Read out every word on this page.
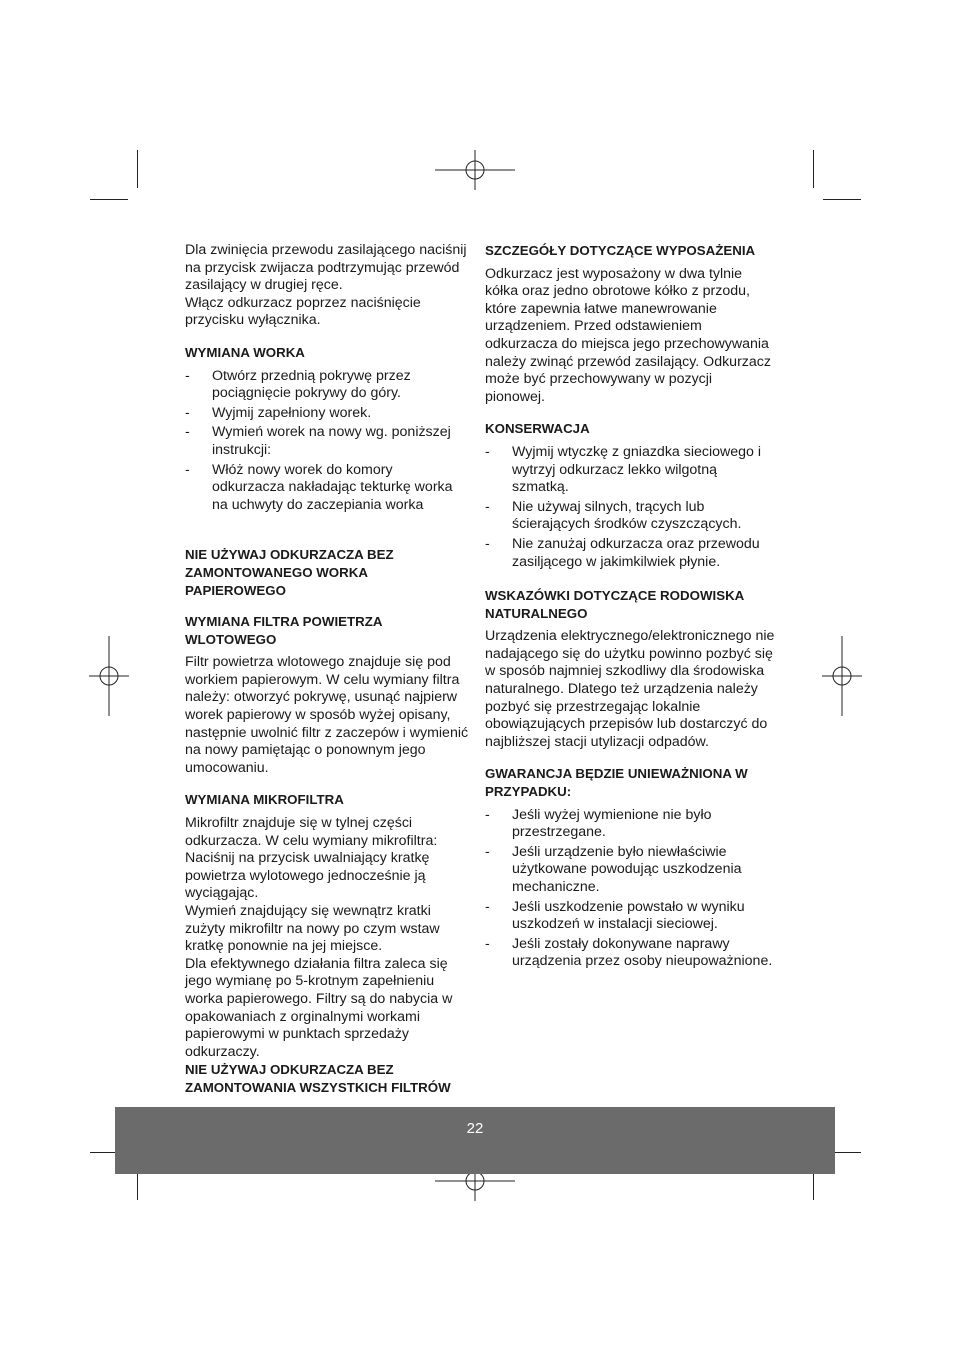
Dla zwinięcia przewodu zasilającego naciśnij na przycisk zwijacza podtrzymując przewód zasilający w drugiej ręce.

Włącz odkurzacz poprzez naciśnięcie przycisku wyłącznika.

WYMIANA WORKA

- Otwórz przednią pokrywę przez pociągnięcie pokrywy do góry.
- Wyjmij zapełniony worek.
- Wymień worek na nowy wg. poniższej instrukcji:
- Włóż nowy worek do komory odkurzacza nakładając tekturkę worka na uchwyty do zaczepiania worka

NIE UŻYWAJ ODKURZACZA BEZ ZAMONTOWANEGO WORKA PAPIEROWEGO

WYMIANA FILTRA POWIETRZA WLOTOWEGO

Filtr powietrza wlotowego znajduje się pod workiem papierowym. W celu wymiany filtra należy: otworzyć pokrywę, usunąć najpierw worek papierowy w sposób wyżej opisany, następnie uwolnić filtr z zaczepów i wymienić na nowy pamiętając o ponownym jego umocowaniu.

WYMIANA MIKROFILTRA

Mikrofiltr znajduje się w tylnej części odkurzacza. W celu wymiany mikrofiltra: Naciśnij na przycisk uwalniający kratkę powietrza wylotowego jednocześnie ją wyciągając.

Wymień znajdujący się wewnątrz kratki zużyty mikrofiltr na nowy po czym wstaw kratkę ponownie na jej miejsce.

Dla efektywnego działania filtra zaleca się jego wymianę po 5-krotnym zapełnieniu worka papierowego. Filtry są do nabycia w opakowaniach z orginalnymi workami papierowymi w punktach sprzedaży odkurzaczy.

NIE UŻYWAJ ODKURZACZA BEZ ZAMONTOWANIA WSZYSTKICH FILTRÓW

SZCZEGÓŁY DOTYCZĄCE WYPOSAŻENIA

Odkurzacz jest wyposażony w dwa tylnie kółka oraz jedno obrotowe kółko z przodu, które zapewnia łatwe manewrowanie urządzeniem. Przed odstawieniem odkurzacza do miejsca jego przechowywania należy zwinąć przewód zasilający. Odkurzacz może być przechowywany w pozycji pionowej.

KONSERWACJA

- Wyjmij wtyczkę z gniazdka sieciowego i wytrzyj odkurzacz lekko wilgotną szmatką.
- Nie używaj silnych, trących lub ścierających środków czyszczących.
- Nie zanużaj odkurzacza oraz przewodu zasiljącego w jakimkilwiek płynie.

WSKAZÓWKI DOTYCZĄCE RODOWISKA NATURALNEGO

Urządzenia elektrycznego/elektronicznego nie nadającego się do użytku powinno pozbyć się w sposób najmniej szkodliwy dla środowiska naturalnego. Dlatego też urządzenia należy pozbyć się przestrzegając lokalnie obowiązujących przepisów lub dostarczyć do najbliższej stacji utylizacji odpadów.

GWARANCJA BĘDZIE UNIEWAŻNIONA W PRZYPADKU:

- Jeśli wyżej wymienione nie było przestrzegane.
- Jeśli urządzenie było niewłaściwie użytkowane powodując uszkodzenia mechaniczne.
- Jeśli uszkodzenie powstało w wyniku uszkodzeń w instalacji sieciowej.
- Jeśli zostały dokonywane naprawy urządzenia przez osoby nieupoważnione.
22
